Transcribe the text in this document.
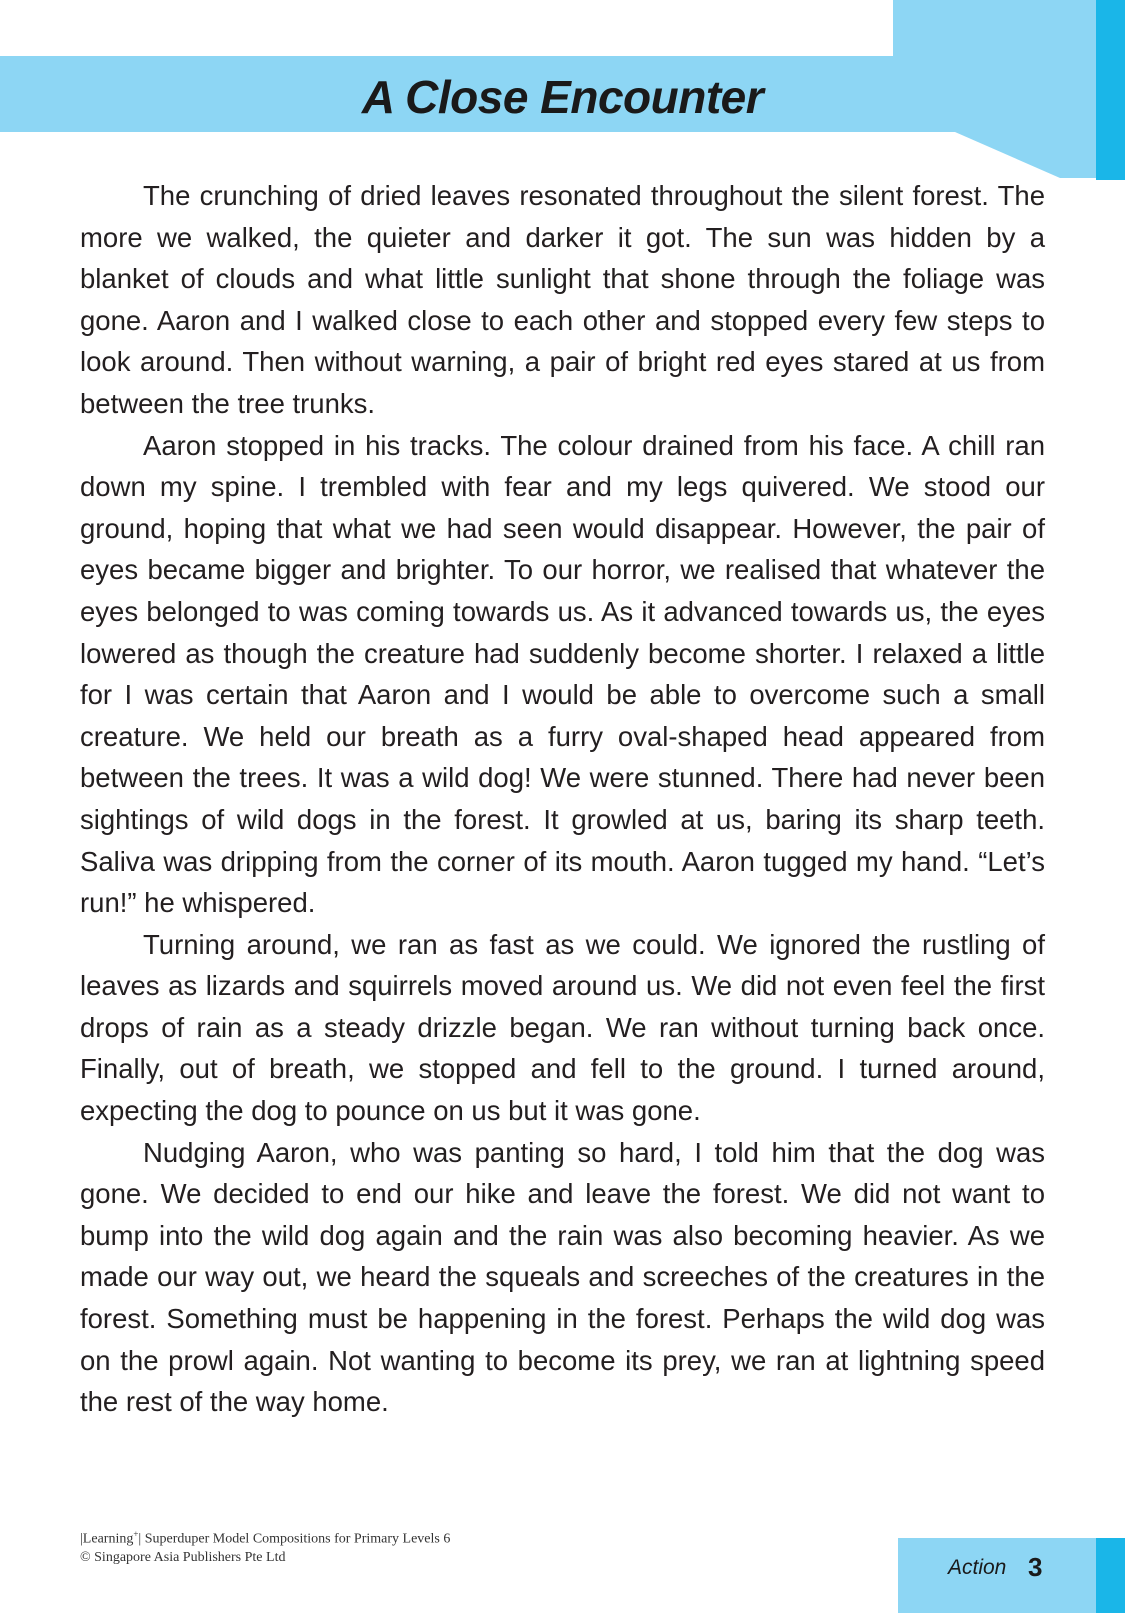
A Close Encounter

The crunching of dried leaves resonated throughout the silent forest. The more we walked, the quieter and darker it got. The sun was hidden by a blanket of clouds and what little sunlight that shone through the foliage was gone. Aaron and I walked close to each other and stopped every few steps to look around. Then without warning, a pair of bright red eyes stared at us from between the tree trunks.

Aaron stopped in his tracks. The colour drained from his face. A chill ran down my spine. I trembled with fear and my legs quivered. We stood our ground, hoping that what we had seen would disappear. However, the pair of eyes became bigger and brighter. To our horror, we realised that whatever the eyes belonged to was coming towards us. As it advanced towards us, the eyes lowered as though the creature had suddenly become shorter. I relaxed a little for I was certain that Aaron and I would be able to overcome such a small creature. We held our breath as a furry oval-shaped head appeared from between the trees. It was a wild dog! We were stunned. There had never been sightings of wild dogs in the forest. It growled at us, baring its sharp teeth. Saliva was dripping from the corner of its mouth. Aaron tugged my hand. “Let’s run!” he whispered.

Turning around, we ran as fast as we could. We ignored the rustling of leaves as lizards and squirrels moved around us. We did not even feel the first drops of rain as a steady drizzle began. We ran without turning back once. Finally, out of breath, we stopped and fell to the ground. I turned around, expecting the dog to pounce on us but it was gone.

Nudging Aaron, who was panting so hard, I told him that the dog was gone. We decided to end our hike and leave the forest. We did not want to bump into the wild dog again and the rain was also becoming heavier. As we made our way out, we heard the squeals and screeches of the creatures in the forest. Something must be happening in the forest. Perhaps the wild dog was on the prowl again. Not wanting to become its prey, we ran at lightning speed the rest of the way home.

|Learning+| Superduper Model Compositions for Primary Levels 6
© Singapore Asia Publishers Pte Ltd	Action 3
